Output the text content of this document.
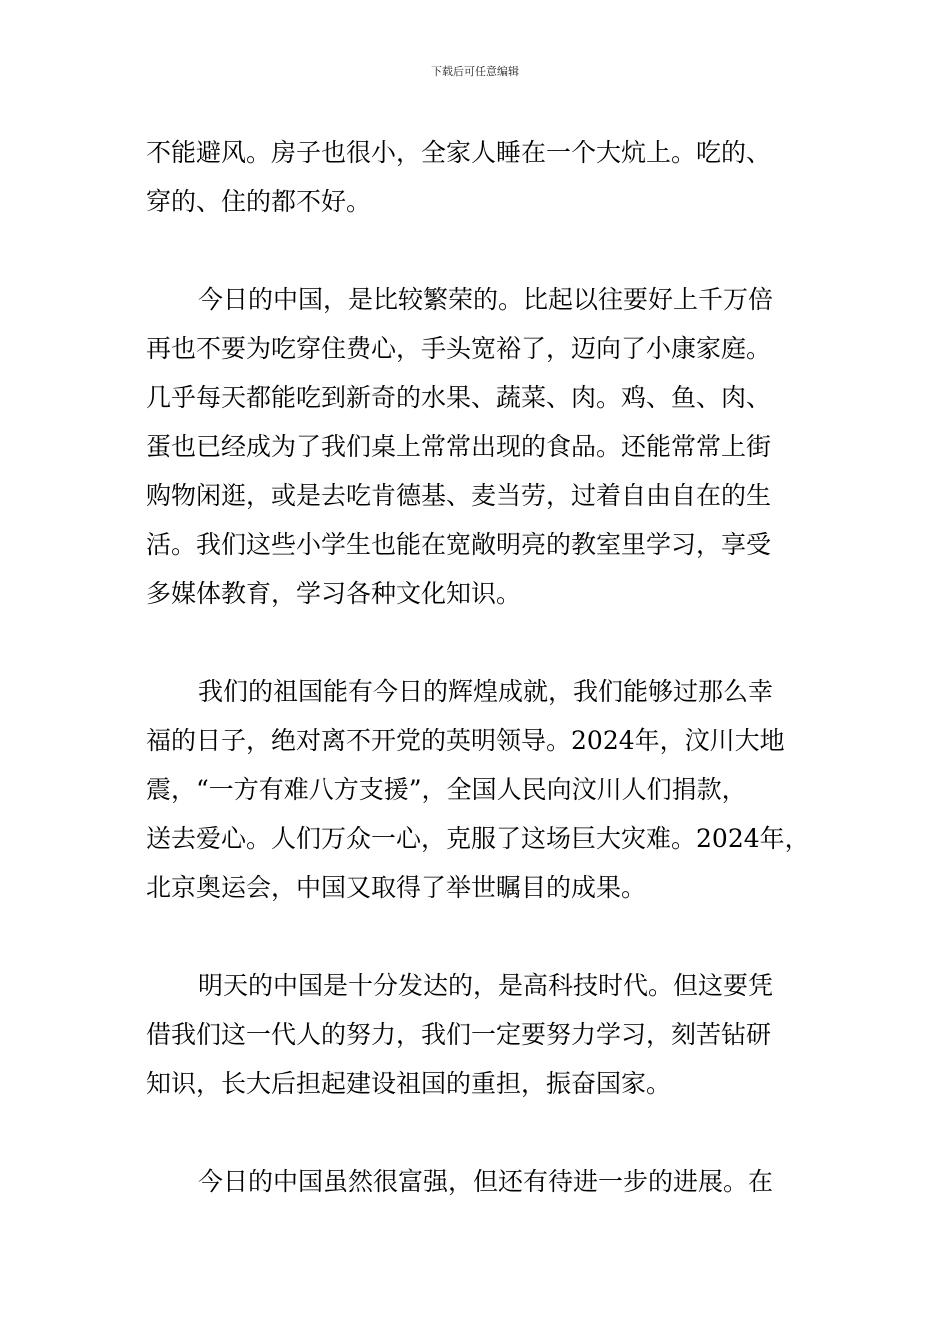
下载后可任意编辑
不能避风。房子也很小，全家人睡在一个大炕上。吃的、
穿的、住的都不好。
今日的中国，是比较繁荣的。比起以往要好上千万倍
再也不要为吃穿住费心，手头宽裕了，迈向了小康家庭。
几乎每天都能吃到新奇的水果、蔬菜、肉。鸡、鱼、肉、
蛋也已经成为了我们桌上常常出现的食品。还能常常上街
购物闲逛，或是去吃肯德基、麦当劳，过着自由自在的生
活。我们这些小学生也能在宽敞明亮的教室里学习，享受
多媒体教育，学习各种文化知识。
我们的祖国能有今日的辉煌成就，我们能够过那么幸
福的日子，绝对离不开党的英明领导。2024年，汶川大地
震，“一方有难八方支援”，全国人民向汶川人们捐款，
送去爱心。人们万众一心，克服了这场巨大灾难。2024年，
北京奥运会，中国又取得了举世瞩目的成果。
明天的中国是十分发达的，是高科技时代。但这要凭
借我们这一代人的努力，我们一定要努力学习，刻苦钻研
知识，长大后担起建设祖国的重担，振奋国家。
今日的中国虽然很富强，但还有待进一步的进展。在
